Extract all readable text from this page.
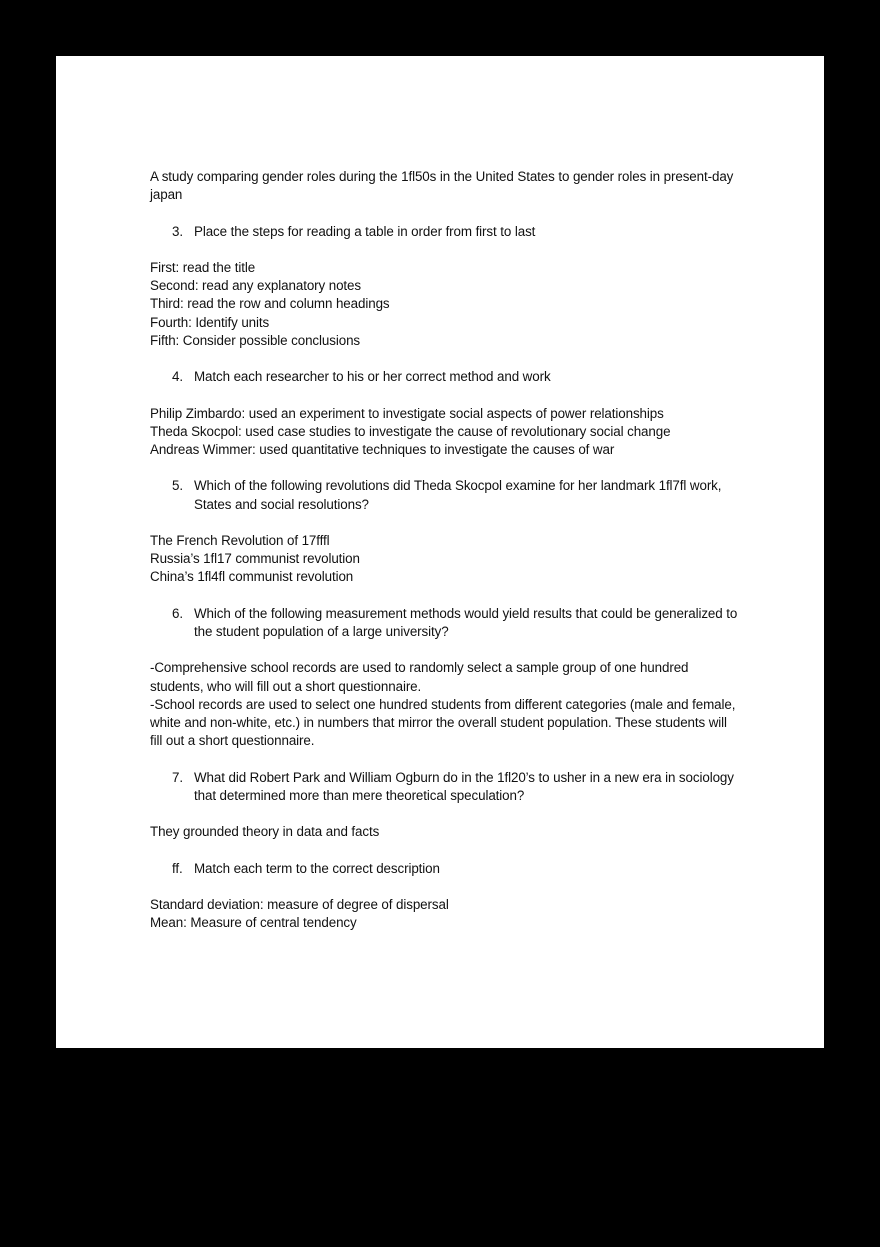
A study comparing gender roles during the 1fl50s in the United States to gender roles in present-day japan

3. Place the steps for reading a table in order from first to last

First: read the title

Second: read any explanatory notes

Third: read the row and column headings

Fourth: Identify units

Fifth: Consider possible conclusions

4. Match each researcher to his or her correct method and work

Philip Zimbardo: used an experiment to investigate social aspects of power relationships

Theda Skocpol: used case studies to investigate the cause of revolutionary social change

Andreas Wimmer: used quantitative techniques to investigate the causes of war

5. Which of the following revolutions did Theda Skocpol examine for her landmark 1fl7fl work, States and social resolutions?

The French Revolution of 17fffl

Russia’s 1fl17 communist revolution

China’s 1fl4fl communist revolution

6. Which of the following measurement methods would yield results that could be generalized to the student population of a large university?

-Comprehensive school records are used to randomly select a sample group of one hundred students, who will fill out a short questionnaire.

-School records are used to select one hundred students from different categories (male and female, white and non-white, etc.) in numbers that mirror the overall student population. These students will fill out a short questionnaire.

7. What did Robert Park and William Ogburn do in the 1fl20’s to usher in a new era in sociology that determined more than mere theoretical speculation?

They grounded theory in data and facts

ff. Match each term to the correct description

Standard deviation: measure of degree of dispersal

Mean: Measure of central tendency
